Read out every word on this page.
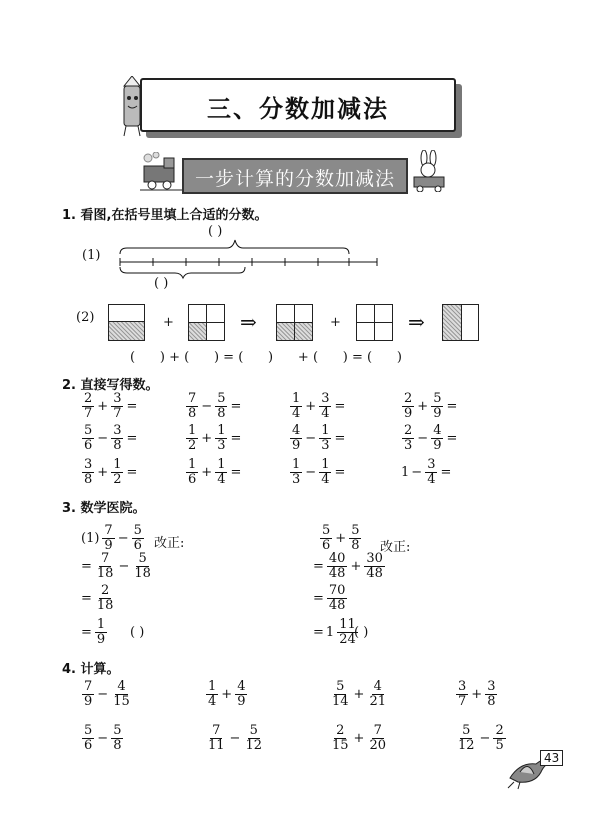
三、分数加减法
一步计算的分数加减法
1. 看图,在括号里填上合适的分数。
( )
(1)
( )
(2)	+	⇒	+	⇒
(      ) + (      ) = (      )      + (      ) = (      )
2. 直接写得数。
$\frac{2}{7} + \frac{3}{7}$ =	$\frac{7}{8} - \frac{5}{8}$ =	$\frac{1}{4} + \frac{3}{4}$ =	$\frac{2}{9} + \frac{5}{9}$ =
$\frac{5}{6} - \frac{3}{8}$ =	$\frac{1}{2} + \frac{1}{3}$ =	$\frac{4}{9} - \frac{1}{3}$ =	$\frac{2}{3} - \frac{4}{9}$ =
$\frac{3}{8} + \frac{1}{2}$ =	$\frac{1}{6} + \frac{1}{4}$ =	$\frac{1}{3} - \frac{1}{4}$ =	$1 - \frac{3}{4}$ =
3. 数学医院。
$(1) \frac{7}{9} - \frac{5}{6}$ 改正:
= $\frac{7}{18} - \frac{5}{18}$
= $\frac{2}{18}$
= $\frac{1}{9}$ ( )
$\frac{5}{6} + \frac{5}{8}$ 改正:
= $\frac{40}{48} + \frac{30}{48}$
= $\frac{70}{48}$
= $1 \frac{11}{24}$
( )
4. 计算。
$\frac{7}{9} - \frac{4}{15}$	$\frac{1}{4} + \frac{4}{9}$	$\frac{5}{14} + \frac{4}{21}$	$\frac{3}{7} + \frac{3}{8}$
$\frac{5}{6} - \frac{5}{8}$	$\frac{7}{11} - \frac{5}{12}$	$\frac{2}{15} + \frac{7}{20}$	$\frac{5}{12} - \frac{2}{5}$
43
